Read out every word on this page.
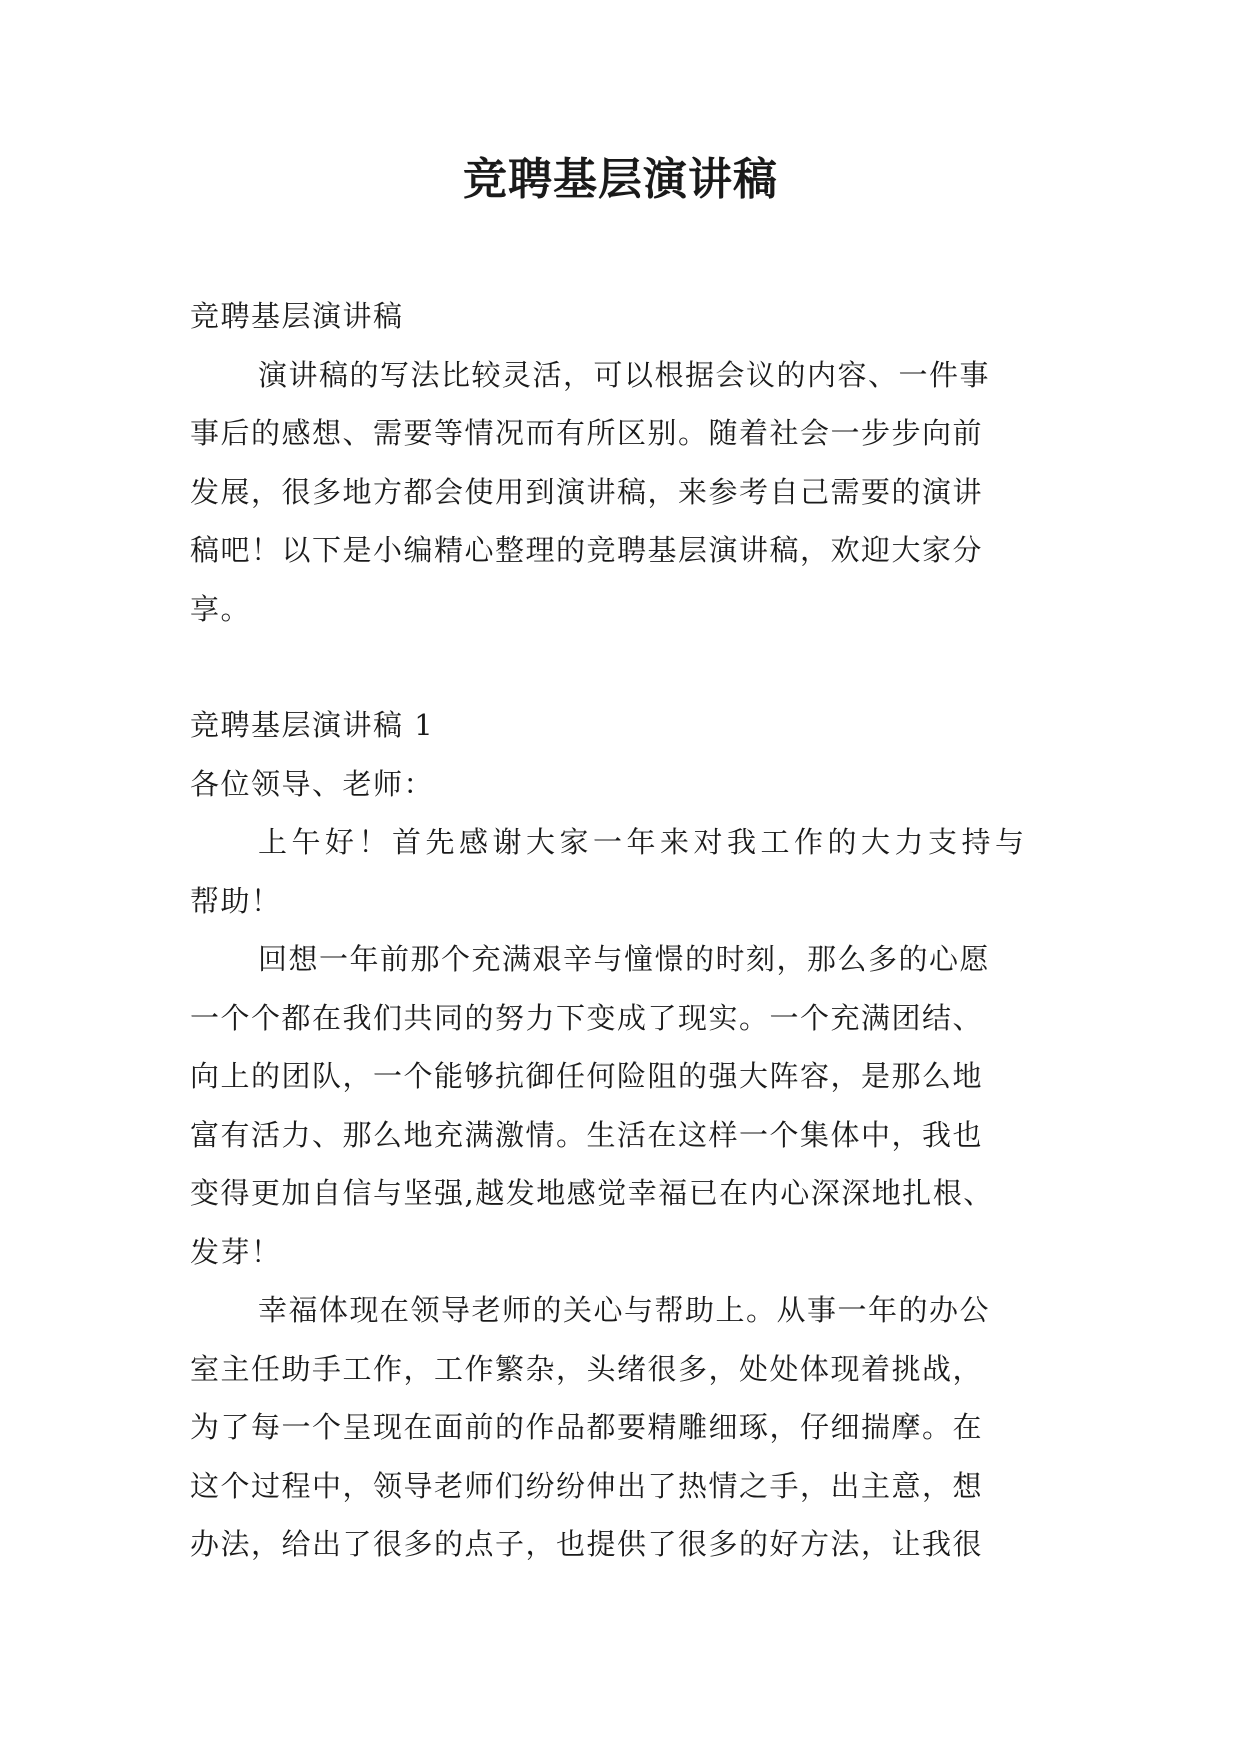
竞聘基层演讲稿

竞聘基层演讲稿

演讲稿的写法比较灵活，可以根据会议的内容、一件事

事后的感想、需要等情况而有所区别。随着社会一步步向前

发展，很多地方都会使用到演讲稿，来参考自己需要的演讲

稿吧！以下是小编精心整理的竞聘基层演讲稿，欢迎大家分

享。

竞聘基层演讲稿 1

各位领导、老师：

上午好！首先感谢大家一年来对我工作的大力支持与

帮助！

回想一年前那个充满艰辛与憧憬的时刻，那么多的心愿

一个个都在我们共同的努力下变成了现实。一个充满团结、

向上的团队，一个能够抗御任何险阻的强大阵容，是那么地

富有活力、那么地充满激情。生活在这样一个集体中，我也

变得更加自信与坚强,越发地感觉幸福已在内心深深地扎根、

发芽！

幸福体现在领导老师的关心与帮助上。从事一年的办公

室主任助手工作，工作繁杂，头绪很多，处处体现着挑战，

为了每一个呈现在面前的作品都要精雕细琢，仔细揣摩。在

这个过程中，领导老师们纷纷伸出了热情之手，出主意，想

办法，给出了很多的点子，也提供了很多的好方法，让我很
